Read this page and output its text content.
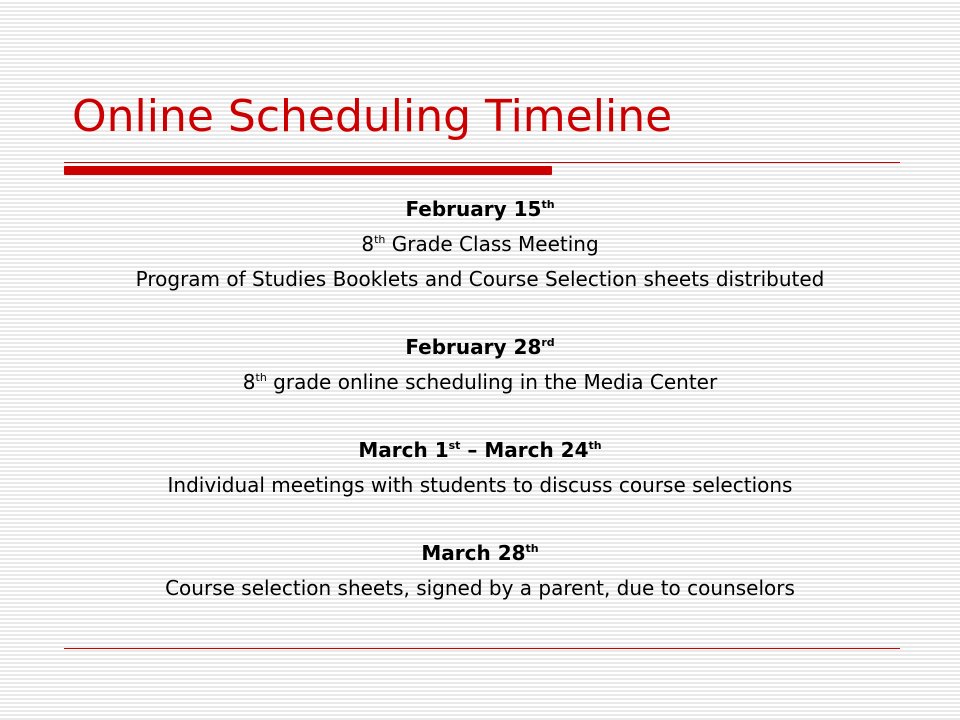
Online Scheduling Timeline
February 15th
8th Grade Class Meeting
Program of Studies Booklets and Course Selection sheets distributed
February 28rd
8th grade online scheduling in the Media Center
March 1st – March 24th
Individual meetings with students to discuss course selections
March 28th
Course selection sheets, signed by a parent, due to counselors
